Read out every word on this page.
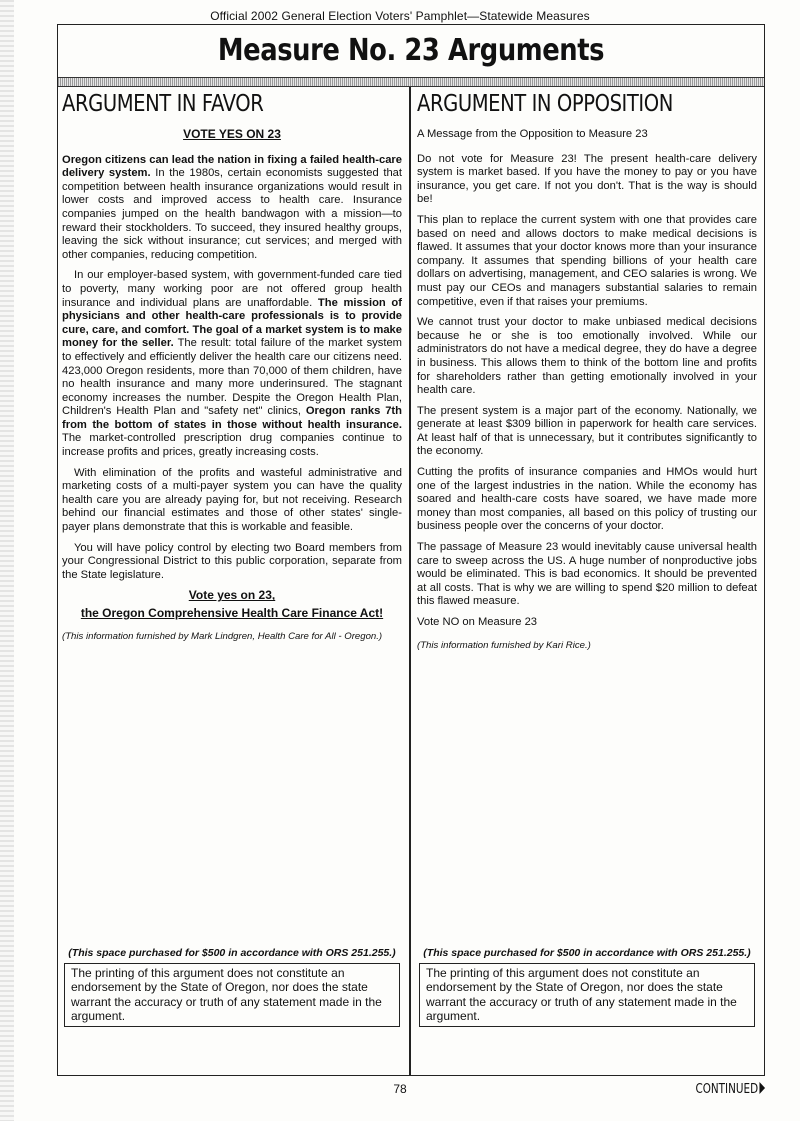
Official 2002 General Election Voters' Pamphlet—Statewide Measures
Measure No. 23 Arguments
ARGUMENT IN FAVOR

VOTE YES ON 23

Oregon citizens can lead the nation in fixing a failed health-care delivery system. In the 1980s, certain economists suggested that competition between health insurance organizations would result in lower costs and improved access to health care. Insurance companies jumped on the health bandwagon with a mission—to reward their stockholders. To succeed, they insured healthy groups, leaving the sick without insurance; cut services; and merged with other companies, reducing competition.

In our employer-based system, with government-funded care tied to poverty, many working poor are not offered group health insurance and individual plans are unaffordable. The mission of physicians and other health-care professionals is to provide cure, care, and comfort. The goal of a market system is to make money for the seller. The result: total failure of the market system to effectively and efficiently deliver the health care our citizens need. 423,000 Oregon residents, more than 70,000 of them children, have no health insurance and many more underinsured. The stagnant economy increases the number. Despite the Oregon Health Plan, Children's Health Plan and "safety net" clinics, Oregon ranks 7th from the bottom of states in those without health insurance. The market-controlled prescription drug companies continue to increase profits and prices, greatly increasing costs.

With elimination of the profits and wasteful administrative and marketing costs of a multi-payer system you can have the quality health care you are already paying for, but not receiving. Research behind our financial estimates and those of other states' single-payer plans demonstrate that this is workable and feasible.

You will have policy control by electing two Board members from your Congressional District to this public corporation, separate from the State legislature.

Vote yes on 23,

the Oregon Comprehensive Health Care Finance Act!

(This information furnished by Mark Lindgren, Health Care for All - Oregon.)
(This space purchased for $500 in accordance with ORS 251.255.)
The printing of this argument does not constitute an endorsement by the State of Oregon, nor does the state warrant the accuracy or truth of any statement made in the argument.
ARGUMENT IN OPPOSITION

A Message from the Opposition to Measure 23

Do not vote for Measure 23! The present health-care delivery system is market based. If you have the money to pay or you have insurance, you get care. If not you don't. That is the way is should be!

This plan to replace the current system with one that provides care based on need and allows doctors to make medical decisions is flawed. It assumes that your doctor knows more than your insurance company. It assumes that spending billions of your health care dollars on advertising, management, and CEO salaries is wrong. We must pay our CEOs and managers substantial salaries to remain competitive, even if that raises your premiums.

We cannot trust your doctor to make unbiased medical decisions because he or she is too emotionally involved. While our administrators do not have a medical degree, they do have a degree in business. This allows them to think of the bottom line and profits for shareholders rather than getting emotionally involved in your health care.

The present system is a major part of the economy. Nationally, we generate at least $309 billion in paperwork for health care services. At least half of that is unnecessary, but it contributes significantly to the economy.

Cutting the profits of insurance companies and HMOs would hurt one of the largest industries in the nation. While the economy has soared and health-care costs have soared, we have made more money than most companies, all based on this policy of trusting our business people over the concerns of your doctor.

The passage of Measure 23 would inevitably cause universal health care to sweep across the US. A huge number of nonproductive jobs would be eliminated. This is bad economics. It should be prevented at all costs. That is why we are willing to spend $20 million to defeat this flawed measure.

Vote NO on Measure 23

(This information furnished by Kari Rice.)
(This space purchased for $500 in accordance with ORS 251.255.)
The printing of this argument does not constitute an endorsement by the State of Oregon, nor does the state warrant the accuracy or truth of any statement made in the argument.
78	CONTINUED
